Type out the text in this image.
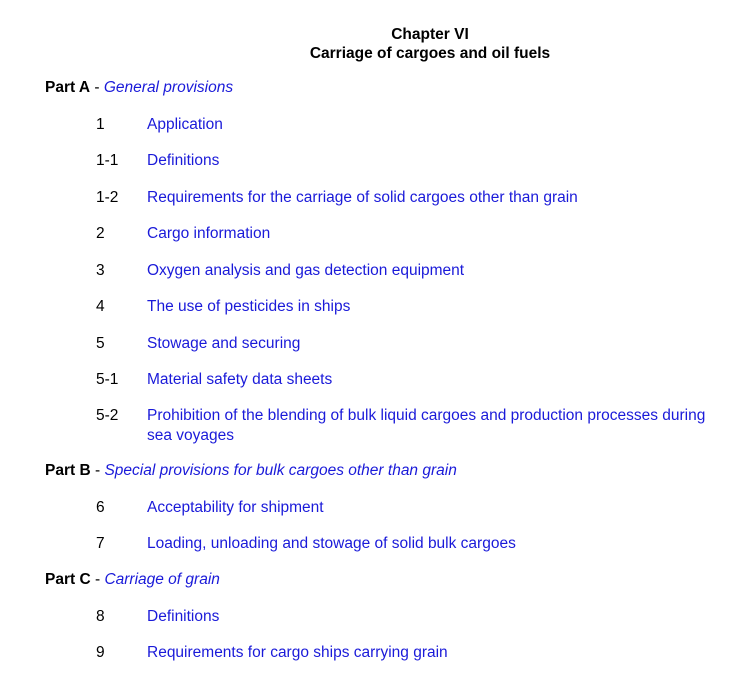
Chapter VI
Carriage of cargoes and oil fuels
Part A - General provisions
1	Application
1-1	Definitions
1-2	Requirements for the carriage of solid cargoes other than grain
2	Cargo information
3	Oxygen analysis and gas detection equipment
4	The use of pesticides in ships
5	Stowage and securing
5-1	Material safety data sheets
5-2	Prohibition of the blending of bulk liquid cargoes and production processes during sea voyages
Part B - Special provisions for bulk cargoes other than grain
6	Acceptability for shipment
7	Loading, unloading and stowage of solid bulk cargoes
Part C - Carriage of grain
8	Definitions
9	Requirements for cargo ships carrying grain
